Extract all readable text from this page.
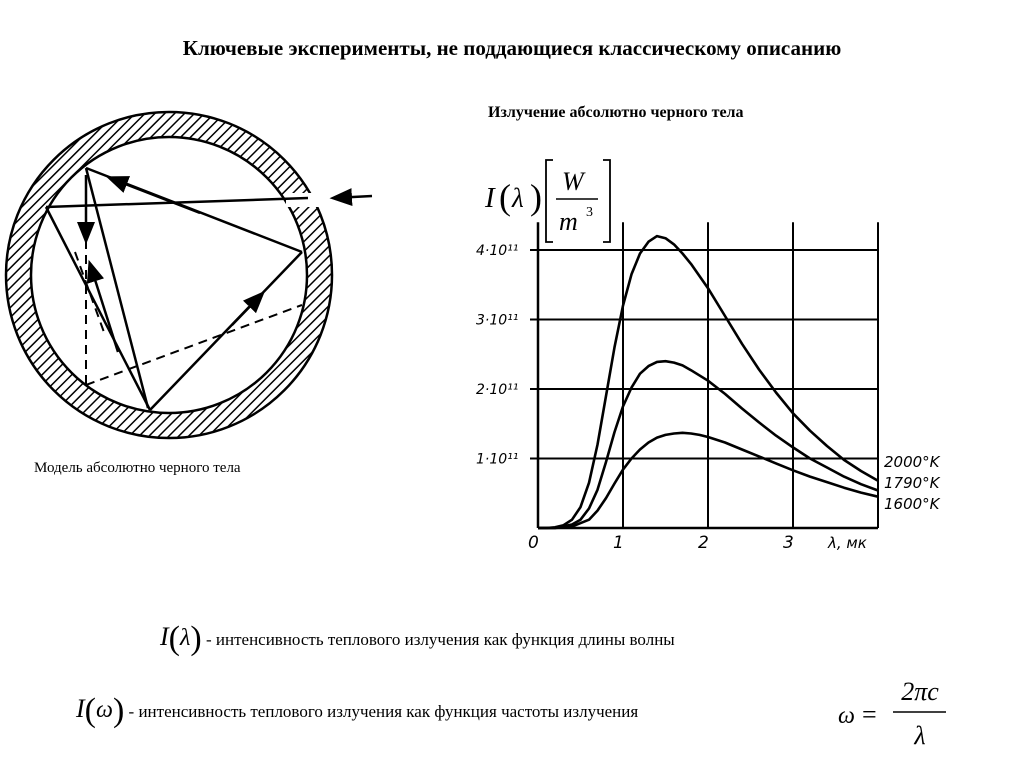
Ключевые эксперименты, не поддающиеся классическому описанию
Излучение абсолютно черного тела
Модель абсолютно черного тела	2000°K
1790°K
1600°K
0	1	2	3 λ, мк
1·10¹¹
2·10¹¹
3·10¹¹
4·10¹¹
I ( λ ) W
m 3
ω =
2πc
λ
I(λ) - интенсивность теплового излучения как функция длины волны
I(ω) - интенсивность теплового излучения как функция частоты излучения
